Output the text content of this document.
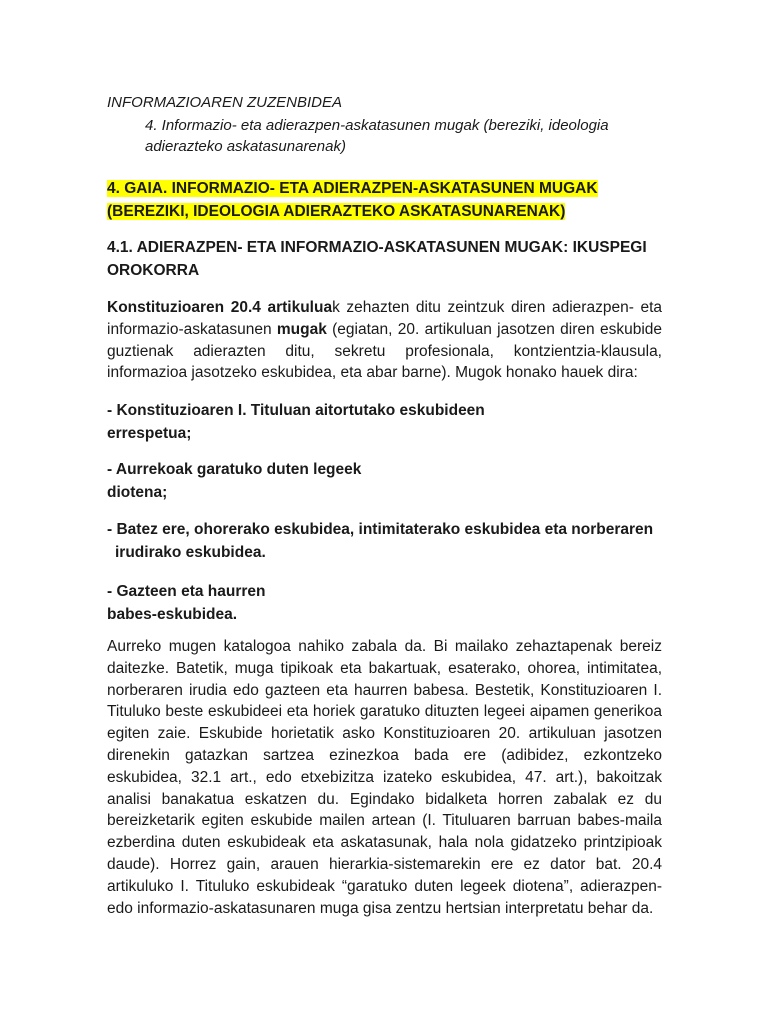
INFORMAZIOAREN ZUZENBIDEA

4. Informazio- eta adierazpen-askatasunen mugak (bereziki, ideologia adierazteko askatasunarenak)

4. GAIA. INFORMAZIO- ETA ADIERAZPEN-ASKATASUNEN MUGAK
(BEREZIKI, IDEOLOGIA ADIERAZTEKO ASKATASUNARENAK)

4.1. ADIERAZPEN- ETA INFORMAZIO-ASKATASUNEN MUGAK: IKUSPEGI OROKORRA

Konstituzioaren 20.4 artikuluak zehazten ditu zeintzuk diren adierazpen- eta informazio-askatasunen mugak (egiatan, 20. artikuluan jasotzen diren eskubide guztienak adierazten ditu, sekretu profesionala, kontzientzia-klausula, informazioa jasotzeko eskubidea, eta abar barne). Mugok honako hauek dira:

- Konstituzioaren I. Tituluan aitortutako eskubideen
errespetua;

- Aurrekoak garatuko duten legeek
diotena;

- Batez ere, ohorerako eskubidea, intimitaterako eskubidea eta norberaren
irudirako eskubidea.

- Gazteen eta haurren
babes-eskubidea.

Aurreko mugen katalogoa nahiko zabala da. Bi mailako zehaztapenak bereiz daitezke. Batetik, muga tipikoak eta bakartuak, esaterako, ohorea, intimitatea, norberaren irudia edo gazteen eta haurren babesa. Bestetik, Konstituzioaren I. Tituluko beste eskubideei eta horiek garatuko dituzten legeei aipamen generikoa egiten zaie. Eskubide horietatik asko Konstituzioaren 20. artikuluan jasotzen direnekin gatazkan sartzea ezinezkoa bada ere (adibidez, ezkontzeko eskubidea, 32.1 art., edo etxebizitza izateko eskubidea, 47. art.), bakoitzak analisi banakatua eskatzen du. Egindako bidalketa horren zabalak ez du bereizketarik egiten eskubide mailen artean (I. Tituluaren barruan babes-maila ezberdina duten eskubideak eta askatasunak, hala nola gidatzeko printzipioak daude). Horrez gain, arauen hierarkia-sistemarekin ere ez dator bat. 20.4 artikuluko I. Tituluko eskubideak “garatuko duten legeek diotena”, adierazpen- edo informazio-askatasunaren muga gisa zentzu hertsian interpretatu behar da.
